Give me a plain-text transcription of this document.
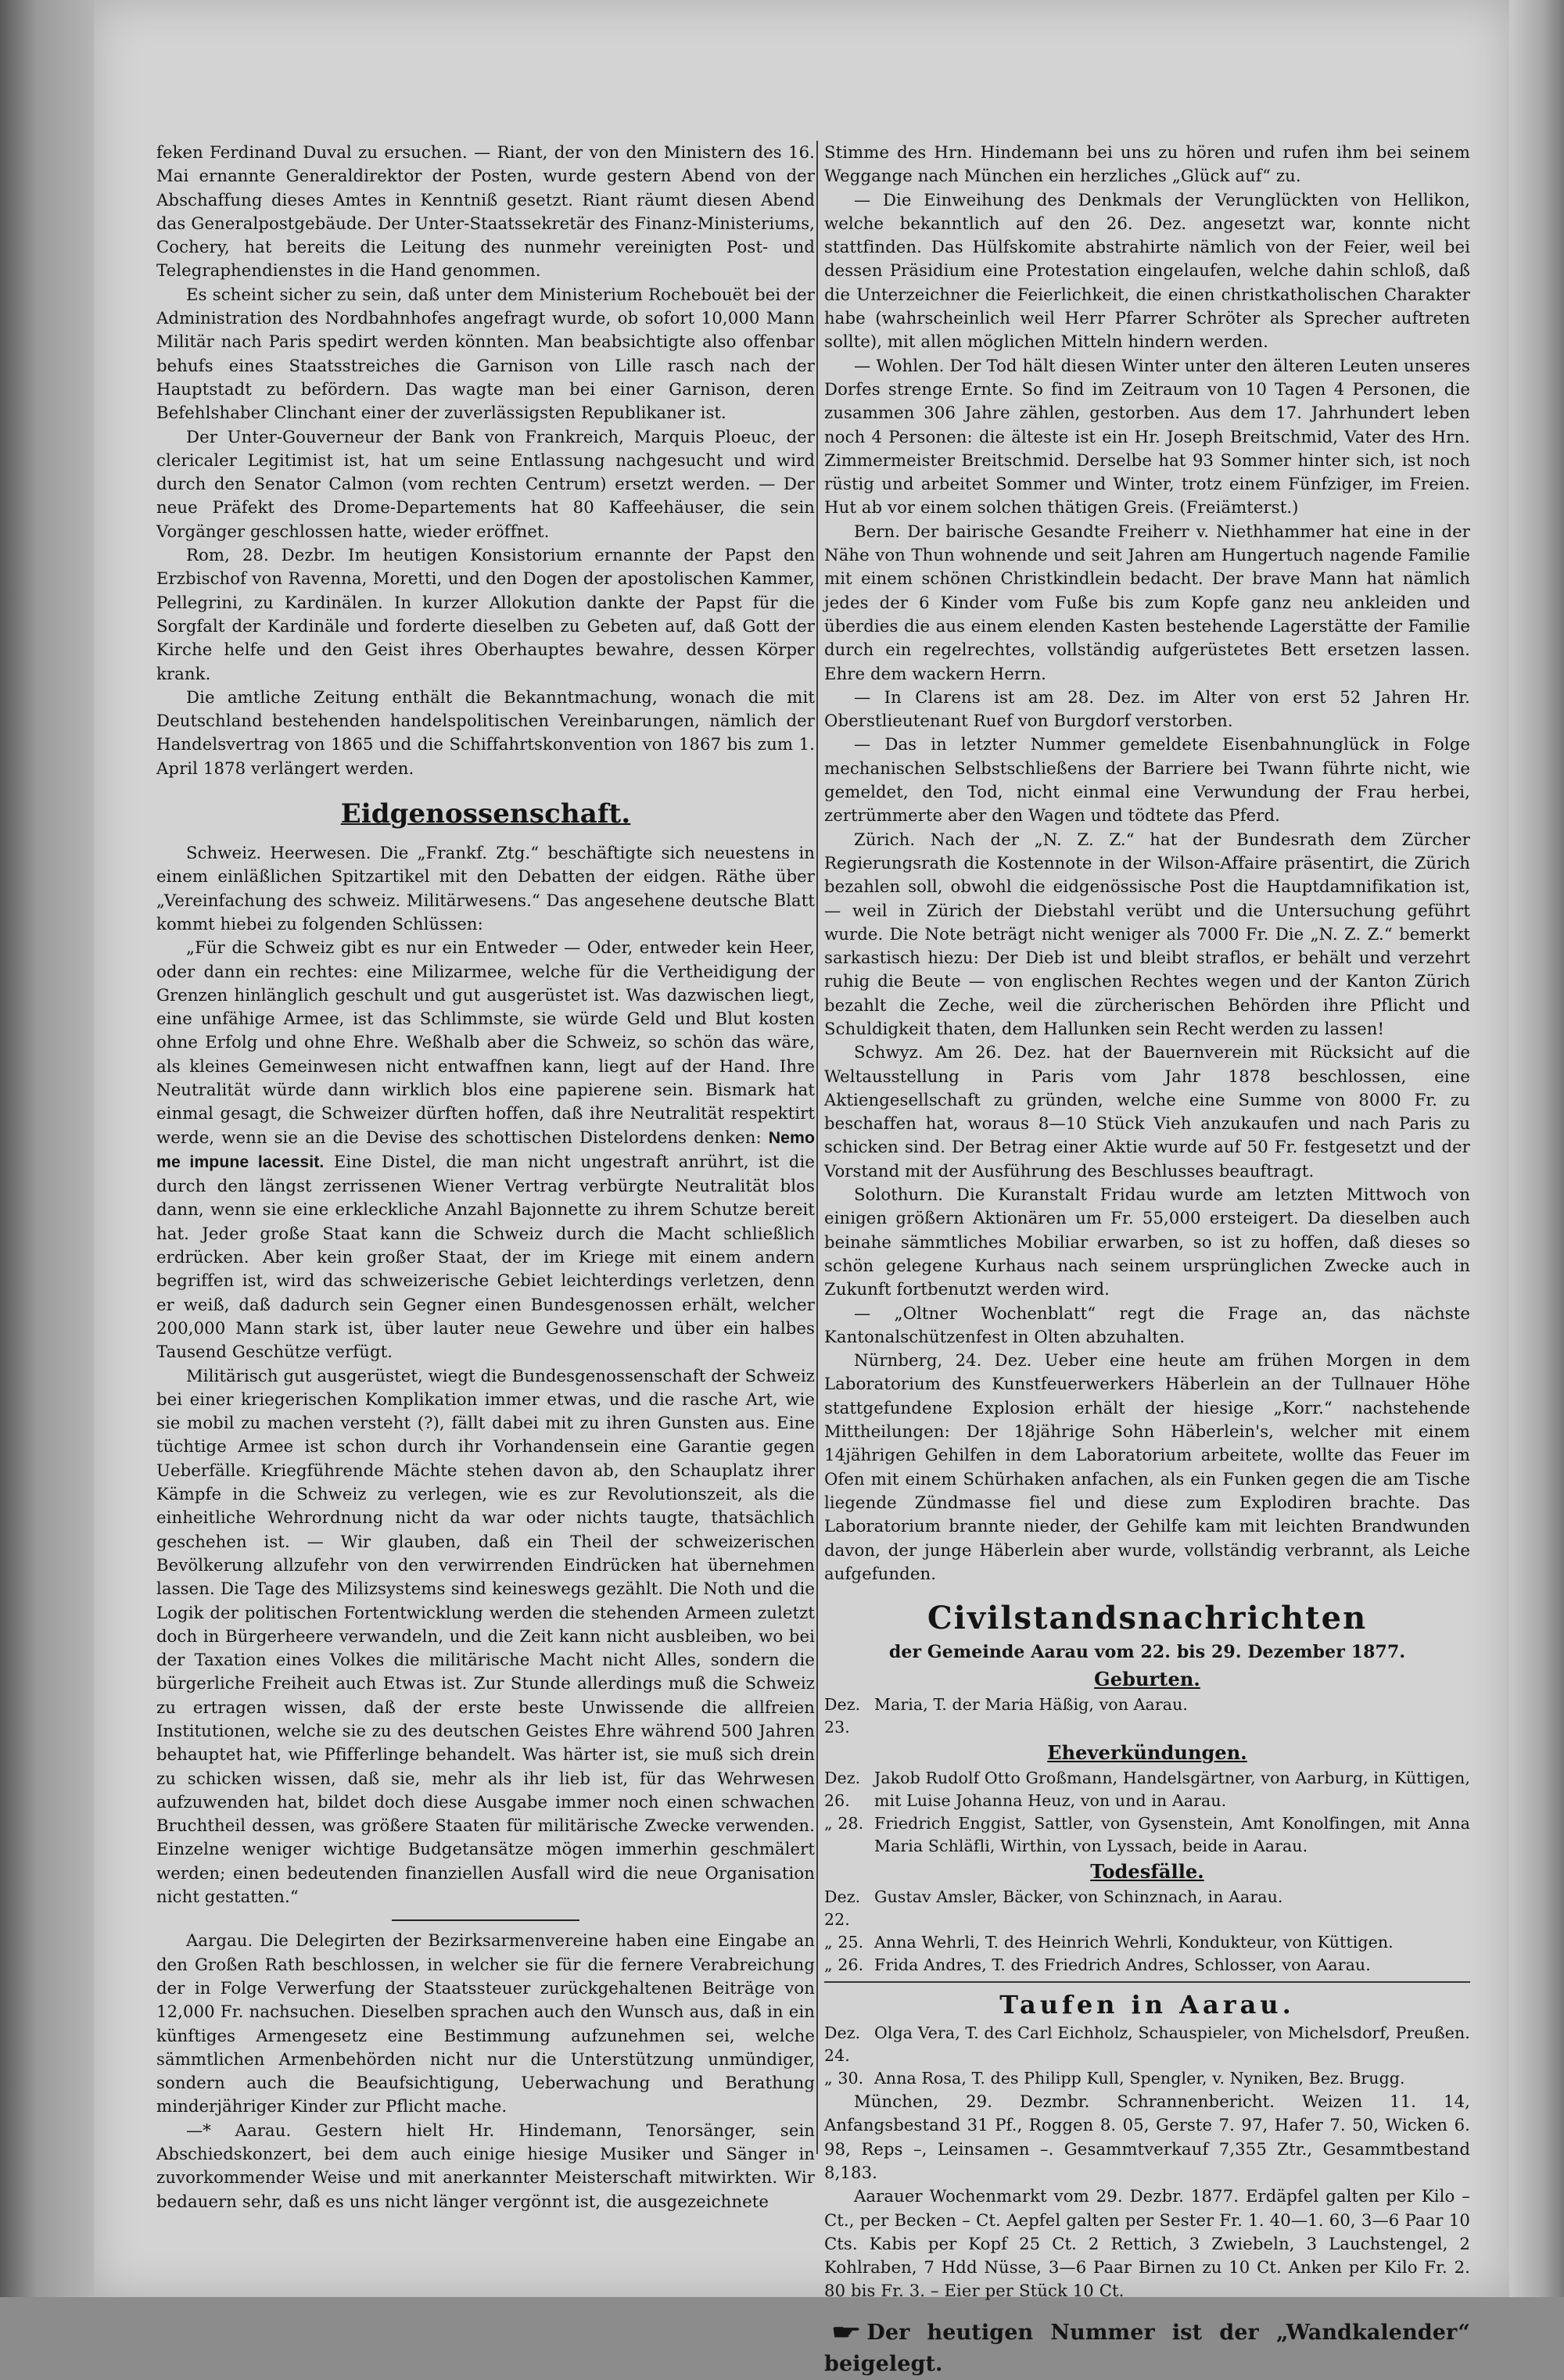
feken Ferdinand Duval zu ersuchen. — Riant, der von den Ministern des 16. Mai ernannte Generaldirektor der Posten, wurde gestern Abend von der Abschaffung dieses Amtes in Kenntniß gesetzt. Riant räumt diesen Abend das Generalpostgebäude. Der Unter-Staatssekretär des Finanz-Ministeriums, Cochery, hat bereits die Leitung des nunmehr vereinigten Post- und Telegraphendienstes in die Hand genommen.

Es scheint sicher zu sein, daß unter dem Ministerium Rochebouët bei der Administration des Nordbahnhofes angefragt wurde, ob sofort 10,000 Mann Militär nach Paris spedirt werden könnten. Man beabsichtigte also offenbar behufs eines Staatsstreiches die Garnison von Lille rasch nach der Hauptstadt zu befördern. Das wagte man bei einer Garnison, deren Befehlshaber Clinchant einer der zuverlässigsten Republikaner ist.

Der Unter-Gouverneur der Bank von Frankreich, Marquis Ploeuc, der clericaler Legitimist ist, hat um seine Entlassung nachgesucht und wird durch den Senator Calmon (vom rechten Centrum) ersetzt werden. — Der neue Präfekt des Drome-Departements hat 80 Kaffeehäuser, die sein Vorgänger geschlossen hatte, wieder eröffnet.

Rom, 28. Dezbr. Im heutigen Konsistorium ernannte der Papst den Erzbischof von Ravenna, Moretti, und den Dogen der apostolischen Kammer, Pellegrini, zu Kardinälen. In kurzer Allokution dankte der Papst für die Sorgfalt der Kardinäle und forderte dieselben zu Gebeten auf, daß Gott der Kirche helfe und den Geist ihres Oberhauptes bewahre, dessen Körper krank.

Die amtliche Zeitung enthält die Bekanntmachung, wonach die mit Deutschland bestehenden handelspolitischen Vereinbarungen, nämlich der Handelsvertrag von 1865 und die Schiffahrtskonvention von 1867 bis zum 1. April 1878 verlängert werden.

Eidgenossenschaft.

Schweiz. Heerwesen. Die „Frankf. Ztg.“ beschäftigte sich neuestens in einem einläßlichen Spitzartikel mit den Debatten der eidgen. Räthe über „Vereinfachung des schweiz. Militärwesens.“ Das angesehene deutsche Blatt kommt hiebei zu folgenden Schlüssen:

„Für die Schweiz gibt es nur ein Entweder — Oder, entweder kein Heer, oder dann ein rechtes: eine Milizarmee, welche für die Vertheidigung der Grenzen hinlänglich geschult und gut ausgerüstet ist. Was dazwischen liegt, eine unfähige Armee, ist das Schlimmste, sie würde Geld und Blut kosten ohne Erfolg und ohne Ehre. Weßhalb aber die Schweiz, so schön das wäre, als kleines Gemeinwesen nicht entwaffnen kann, liegt auf der Hand. Ihre Neutralität würde dann wirklich blos eine papierene sein. Bismark hat einmal gesagt, die Schweizer dürften hoffen, daß ihre Neutralität respektirt werde, wenn sie an die Devise des schottischen Distelordens denken: Nemo me impune lacessit. Eine Distel, die man nicht ungestraft anrührt, ist die durch den längst zerrissenen Wiener Vertrag verbürgte Neutralität blos dann, wenn sie eine erkleckliche Anzahl Bajonnette zu ihrem Schutze bereit hat. Jeder große Staat kann die Schweiz durch die Macht schließlich erdrücken. Aber kein großer Staat, der im Kriege mit einem andern begriffen ist, wird das schweizerische Gebiet leichterdings verletzen, denn er weiß, daß dadurch sein Gegner einen Bundesgenossen erhält, welcher 200,000 Mann stark ist, über lauter neue Gewehre und über ein halbes Tausend Geschütze verfügt.

Militärisch gut ausgerüstet, wiegt die Bundesgenossenschaft der Schweiz bei einer kriegerischen Komplikation immer etwas, und die rasche Art, wie sie mobil zu machen versteht (?), fällt dabei mit zu ihren Gunsten aus. Eine tüchtige Armee ist schon durch ihr Vorhandensein eine Garantie gegen Ueberfälle. Kriegführende Mächte stehen davon ab, den Schauplatz ihrer Kämpfe in die Schweiz zu verlegen, wie es zur Revolutionszeit, als die einheitliche Wehrordnung nicht da war oder nichts taugte, thatsächlich geschehen ist. — Wir glauben, daß ein Theil der schweizerischen Bevölkerung allzufehr von den verwirrenden Eindrücken hat übernehmen lassen. Die Tage des Milizsystems sind keineswegs gezählt. Die Noth und die Logik der politischen Fortentwicklung werden die stehenden Armeen zuletzt doch in Bürgerheere verwandeln, und die Zeit kann nicht ausbleiben, wo bei der Taxation eines Volkes die militärische Macht nicht Alles, sondern die bürgerliche Freiheit auch Etwas ist. Zur Stunde allerdings muß die Schweiz zu ertragen wissen, daß der erste beste Unwissende die allfreien Institutionen, welche sie zu des deutschen Geistes Ehre während 500 Jahren behauptet hat, wie Pfifferlinge behandelt. Was härter ist, sie muß sich drein zu schicken wissen, daß sie, mehr als ihr lieb ist, für das Wehrwesen aufzuwenden hat, bildet doch diese Ausgabe immer noch einen schwachen Bruchtheil dessen, was größere Staaten für militärische Zwecke verwenden. Einzelne weniger wichtige Budgetansätze mögen immerhin geschmälert werden; einen bedeutenden finanziellen Ausfall wird die neue Organisation nicht gestatten.“

Aargau. Die Delegirten der Bezirksarmenvereine haben eine Eingabe an den Großen Rath beschlossen, in welcher sie für die fernere Verabreichung der in Folge Verwerfung der Staatssteuer zurückgehaltenen Beiträge von 12,000 Fr. nachsuchen. Dieselben sprachen auch den Wunsch aus, daß in ein künftiges Armengesetz eine Bestimmung aufzunehmen sei, welche sämmtlichen Armenbehörden nicht nur die Unterstützung unmündiger, sondern auch die Beaufsichtigung, Ueberwachung und Berathung minderjähriger Kinder zur Pflicht mache.

—* Aarau. Gestern hielt Hr. Hindemann, Tenorsänger, sein Abschiedskonzert, bei dem auch einige hiesige Musiker und Sänger in zuvorkommender Weise und mit anerkannter Meisterschaft mitwirkten. Wir bedauern sehr, daß es uns nicht länger vergönnt ist, die ausgezeichnete

Stimme des Hrn. Hindemann bei uns zu hören und rufen ihm bei seinem Weggange nach München ein herzliches „Glück auf“ zu.

— Die Einweihung des Denkmals der Verunglückten von Hellikon, welche bekanntlich auf den 26. Dez. angesetzt war, konnte nicht stattfinden. Das Hülfskomite abstrahirte nämlich von der Feier, weil bei dessen Präsidium eine Protestation eingelaufen, welche dahin schloß, daß die Unterzeichner die Feierlichkeit, die einen christkatholischen Charakter habe (wahrscheinlich weil Herr Pfarrer Schröter als Sprecher auftreten sollte), mit allen möglichen Mitteln hindern werden.

— Wohlen. Der Tod hält diesen Winter unter den älteren Leuten unseres Dorfes strenge Ernte. So find im Zeitraum von 10 Tagen 4 Personen, die zusammen 306 Jahre zählen, gestorben. Aus dem 17. Jahrhundert leben noch 4 Personen: die älteste ist ein Hr. Joseph Breitschmid, Vater des Hrn. Zimmermeister Breitschmid. Derselbe hat 93 Sommer hinter sich, ist noch rüstig und arbeitet Sommer und Winter, trotz einem Fünfziger, im Freien. Hut ab vor einem solchen thätigen Greis. (Freiämterst.)

Bern. Der bairische Gesandte Freiherr v. Niethhammer hat eine in der Nähe von Thun wohnende und seit Jahren am Hungertuch nagende Familie mit einem schönen Christkindlein bedacht. Der brave Mann hat nämlich jedes der 6 Kinder vom Fuße bis zum Kopfe ganz neu ankleiden und überdies die aus einem elenden Kasten bestehende Lagerstätte der Familie durch ein regelrechtes, vollständig aufgerüstetes Bett ersetzen lassen. Ehre dem wackern Herrn.

— In Clarens ist am 28. Dez. im Alter von erst 52 Jahren Hr. Oberstlieutenant Ruef von Burgdorf verstorben.

— Das in letzter Nummer gemeldete Eisenbahnunglück in Folge mechanischen Selbstschließens der Barriere bei Twann führte nicht, wie gemeldet, den Tod, nicht einmal eine Verwundung der Frau herbei, zertrümmerte aber den Wagen und tödtete das Pferd.

Zürich. Nach der „N. Z. Z.“ hat der Bundesrath dem Zürcher Regierungsrath die Kostennote in der Wilson-Affaire präsentirt, die Zürich bezahlen soll, obwohl die eidgenössische Post die Hauptdamnifikation ist, — weil in Zürich der Diebstahl verübt und die Untersuchung geführt wurde. Die Note beträgt nicht weniger als 7000 Fr. Die „N. Z. Z.“ bemerkt sarkastisch hiezu: Der Dieb ist und bleibt straflos, er behält und verzehrt ruhig die Beute — von englischen Rechtes wegen und der Kanton Zürich bezahlt die Zeche, weil die zürcherischen Behörden ihre Pflicht und Schuldigkeit thaten, dem Hallunken sein Recht werden zu lassen!

Schwyz. Am 26. Dez. hat der Bauernverein mit Rücksicht auf die Weltausstellung in Paris vom Jahr 1878 beschlossen, eine Aktiengesellschaft zu gründen, welche eine Summe von 8000 Fr. zu beschaffen hat, woraus 8—10 Stück Vieh anzukaufen und nach Paris zu schicken sind. Der Betrag einer Aktie wurde auf 50 Fr. festgesetzt und der Vorstand mit der Ausführung des Beschlusses beauftragt.

Solothurn. Die Kuranstalt Fridau wurde am letzten Mittwoch von einigen größern Aktionären um Fr. 55,000 ersteigert. Da dieselben auch beinahe sämmtliches Mobiliar erwarben, so ist zu hoffen, daß dieses so schön gelegene Kurhaus nach seinem ursprünglichen Zwecke auch in Zukunft fortbenutzt werden wird.

— „Oltner Wochenblatt“ regt die Frage an, das nächste Kantonalschützenfest in Olten abzuhalten.

Nürnberg, 24. Dez. Ueber eine heute am frühen Morgen in dem Laboratorium des Kunstfeuerwerkers Häberlein an der Tullnauer Höhe stattgefundene Explosion erhält der hiesige „Korr.“ nachstehende Mittheilungen: Der 18jährige Sohn Häberlein's, welcher mit einem 14jährigen Gehilfen in dem Laboratorium arbeitete, wollte das Feuer im Ofen mit einem Schürhaken anfachen, als ein Funken gegen die am Tische liegende Zündmasse fiel und diese zum Explodiren brachte. Das Laboratorium brannte nieder, der Gehilfe kam mit leichten Brandwunden davon, der junge Häberlein aber wurde, vollständig verbrannt, als Leiche aufgefunden.

Civilstandsnachrichten
der Gemeinde Aarau vom 22. bis 29. Dezember 1877.
Geburten.
Dez. 23.
Maria, T. der Maria Häßig, von Aarau.
Eheverkündungen.
Dez. 26.
Jakob Rudolf Otto Großmann, Handelsgärtner, von Aarburg, in Küttigen, mit Luise Johanna Heuz, von und in Aarau.
„ 28. Friedrich Enggist, Sattler, von Gysenstein, Amt Konolfingen, mit Anna Maria Schläfli, Wirthin, von Lyssach, beide in Aarau.
Todesfälle.
Dez. 22.
Gustav Amsler, Bäcker, von Schinznach, in Aarau.
„ 25. Anna Wehrli, T. des Heinrich Wehrli, Kondukteur, von Küttigen.
„ 26. Frida Andres, T. des Friedrich Andres, Schlosser, von Aarau.
Taufen in Aarau.
Dez. 24.
Olga Vera, T. des Carl Eichholz, Schauspieler, von Michelsdorf, Preußen.
„ 30. Anna Rosa, T. des Philipp Kull, Spengler, v. Nyniken, Bez. Brugg.

München, 29. Dezmbr. Schrannenbericht. Weizen 11. 14, Anfangsbestand 31 Pf., Roggen 8. 05, Gerste 7. 97, Hafer 7. 50, Wicken 6. 98, Reps –, Leinsamen –. Gesammtverkauf 7,355 Ztr., Gesammtbestand 8,183.

Aarauer Wochenmarkt vom 29. Dezbr. 1877. Erdäpfel galten per Kilo – Ct., per Becken – Ct. Aepfel galten per Sester Fr. 1. 40—1. 60, 3—6 Paar 10 Cts. Kabis per Kopf 25 Ct. 2 Rettich, 3 Zwiebeln, 3 Lauchstengel, 2 Kohlraben, 7 Hdd Nüsse, 3—6 Paar Birnen zu 10 Ct. Anken per Kilo Fr. 2. 80 bis Fr. 3. – Eier per Stück 10 Ct.

☛ Der heutigen Nummer ist der „Wandkalender“ beigelegt.
